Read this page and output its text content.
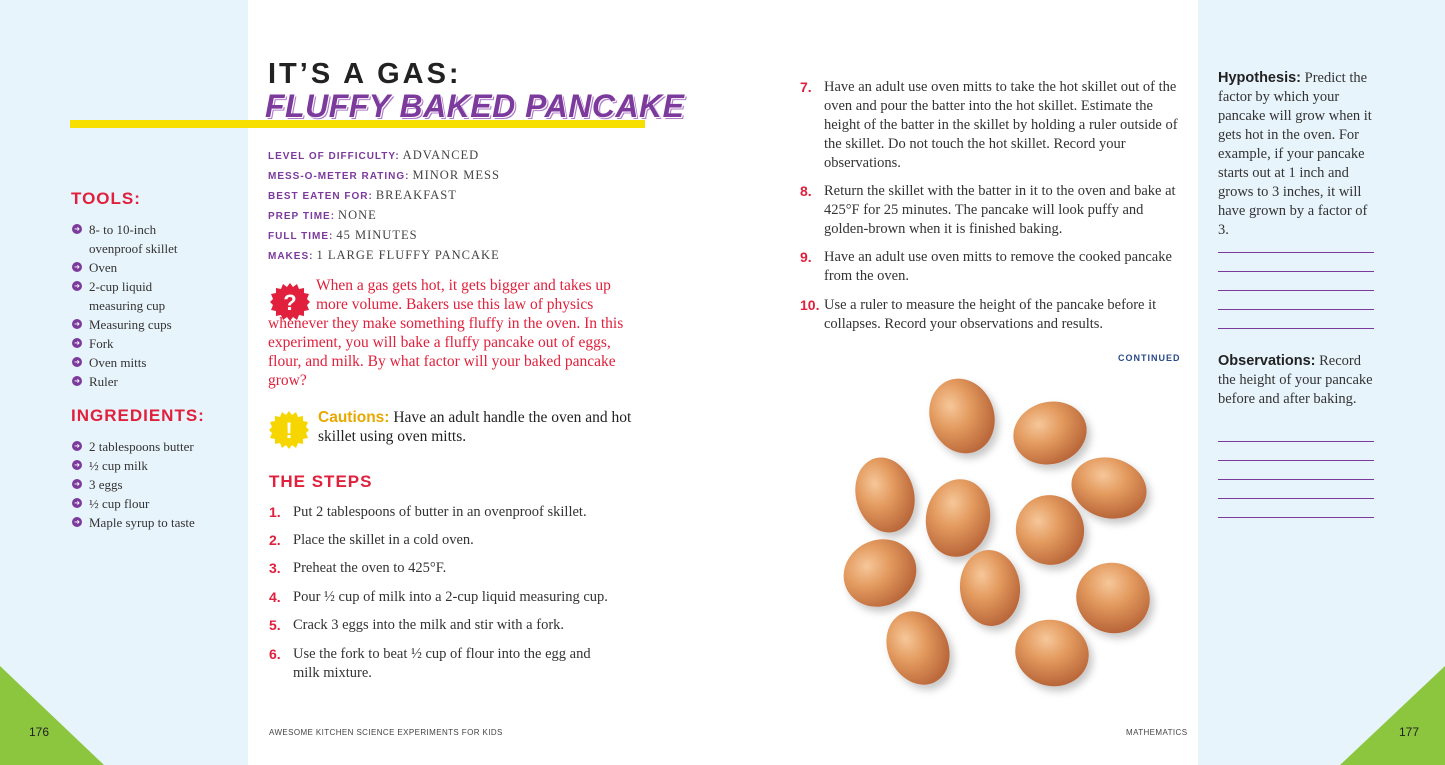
176	177
AWESOME KITCHEN SCIENCE EXPERIMENTS FOR KIDS	MATHEMATICS
TOOLS:
➜ 8- to 10-inch
ovenproof skillet
➜ Oven
➜ 2-cup liquid
measuring cup
➜ Measuring cups
➜ Fork
➜ Oven mitts
➜ Ruler
INGREDIENTS:
➜ 2 tablespoons butter
➜ ½ cup milk
➜ 3 eggs
➜ ½ cup flour
➜ Maple syrup to taste
IT’S A GAS:
FLUFFY BAKED PANCAKE
LEVEL OF DIFFICULTY: ADVANCED
MESS-O-METER RATING: MINOR MESS
BEST EATEN FOR: BREAKFAST
PREP TIME: NONE
FULL TIME: 45 MINUTES
MAKES: 1 LARGE FLUFFY PANCAKE
?
When a gas gets hot, it gets bigger and takes up more volume. Bakers use this law of physics whenever they make something fluffy in the oven. In this experiment, you will bake a fluffy pancake out of eggs, flour, and milk. By what factor will your baked pancake grow?
!
Cautions: Have an adult handle the oven and hot skillet using oven mitts.
THE STEPS
1. Put 2 tablespoons of butter in an ovenproof skillet.
2. Place the skillet in a cold oven.
3. Preheat the oven to 425°F.
4. Pour ½ cup of milk into a 2-cup liquid measuring cup.
5. Crack 3 eggs into the milk and stir with a fork.
6. Use the fork to beat ½ cup of flour into the egg and milk mixture.
7. Have an adult use oven mitts to take the hot skillet out of the oven and pour the batter into the hot skillet. Estimate the height of the batter in the skillet by holding a ruler outside of the skillet. Do not touch the hot skillet. Record your observations.
8. Return the skillet with the batter in it to the oven and bake at 425°F for 25 minutes. The pancake will look puffy and golden-brown when it is finished baking.
9. Have an adult use oven mitts to remove the cooked pancake from the oven.
10. Use a ruler to measure the height of the pancake before it collapses. Record your observations and results.
CONTINUED
Hypothesis: Predict the factor by which your pancake will grow when it gets hot in the oven. For example, if your pancake starts out at 1 inch and grows to 3 inches, it will have grown by a factor of 3.
Observations: Record the height of your pancake before and after baking.
